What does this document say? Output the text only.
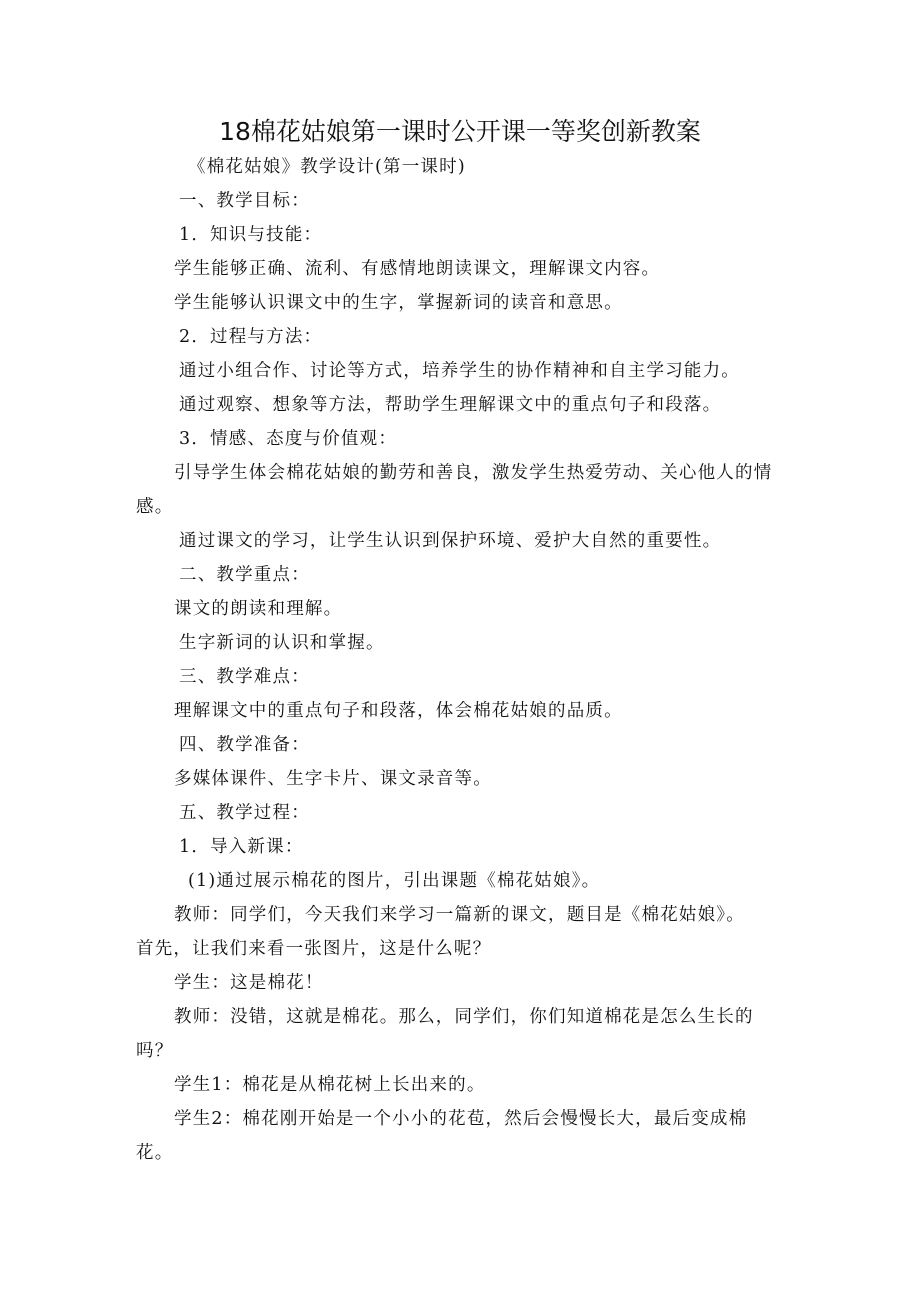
18棉花姑娘第一课时公开课一等奖创新教案

《棉花姑娘》教学设计(第一课时)

一、教学目标：

1．知识与技能：

学生能够正确、流利、有感情地朗读课文，理解课文内容。

学生能够认识课文中的生字，掌握新词的读音和意思。

2．过程与方法：

通过小组合作、讨论等方式，培养学生的协作精神和自主学习能力。

通过观察、想象等方法，帮助学生理解课文中的重点句子和段落。

3．情感、态度与价值观：

引导学生体会棉花姑娘的勤劳和善良，激发学生热爱劳动、关心他人的情感。

通过课文的学习，让学生认识到保护环境、爱护大自然的重要性。

二、教学重点：

课文的朗读和理解。

生字新词的认识和掌握。

三、教学难点：

理解课文中的重点句子和段落，体会棉花姑娘的品质。

四、教学准备：

多媒体课件、生字卡片、课文录音等。

五、教学过程：

1．导入新课：

(1)通过展示棉花的图片，引出课题《棉花姑娘》。

教师：同学们，今天我们来学习一篇新的课文，题目是《棉花姑娘》。首先，让我们来看一张图片，这是什么呢？

学生：这是棉花！

教师：没错，这就是棉花。那么，同学们，你们知道棉花是怎么生长的吗？

学生1：棉花是从棉花树上长出来的。

学生2：棉花刚开始是一个小小的花苞，然后会慢慢长大，最后变成棉花。
